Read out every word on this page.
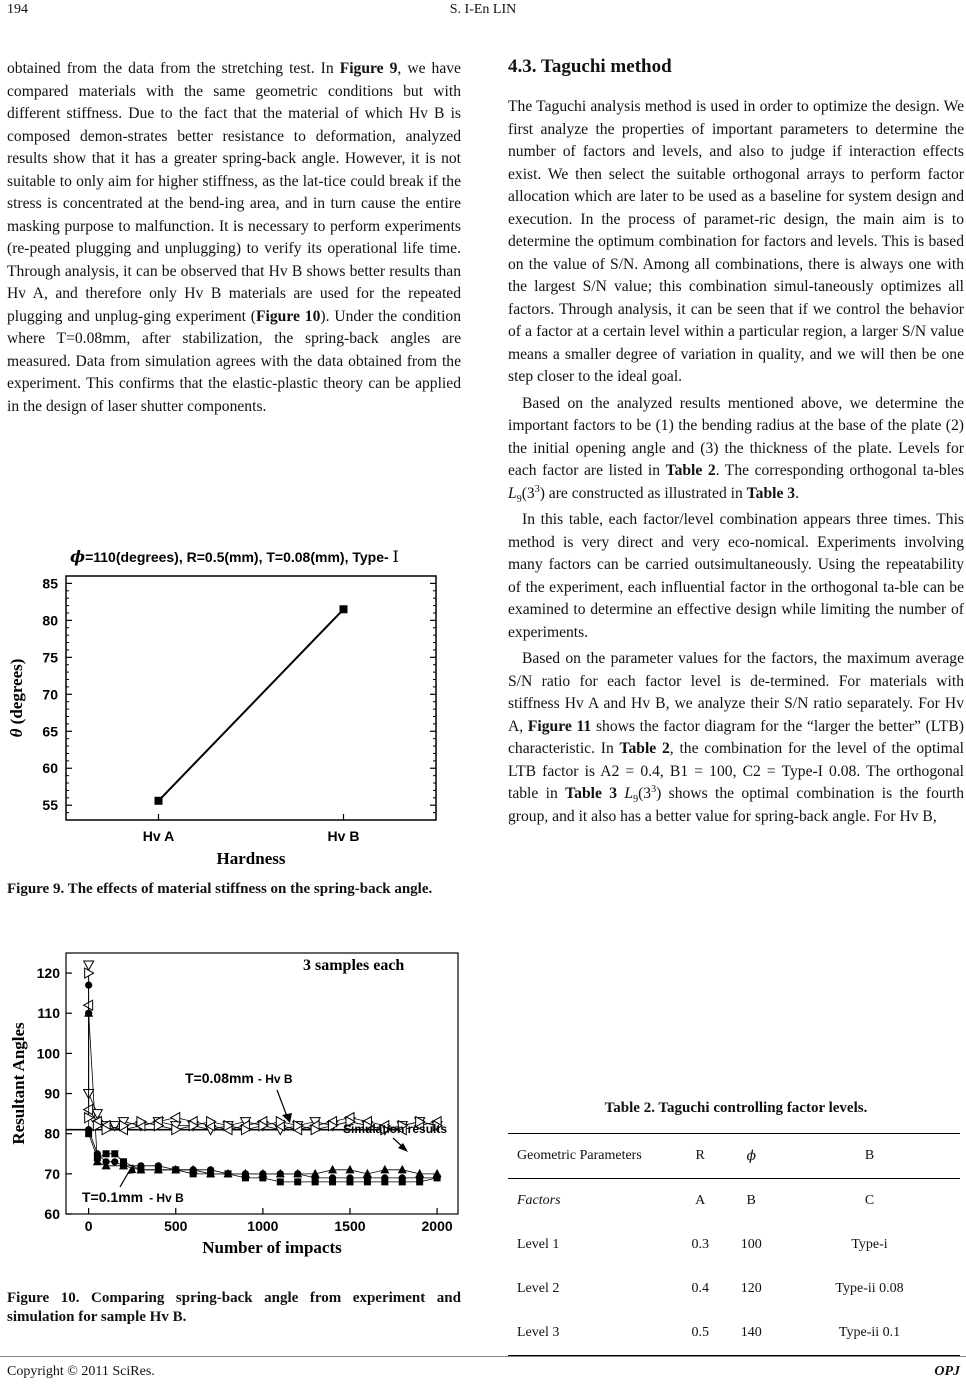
194	S. I-En LIN

obtained from the data from the stretching test. In Figure 9, we have compared materials with the same geometric conditions but with different stiffness. Due to the fact that the material of which Hv B is composed demon-strates better resistance to deformation, analyzed results show that it has a greater spring-back angle. However, it is not suitable to only aim for higher stiffness, as the lat-tice could break if the stress is concentrated at the bend-ing area, and in turn cause the entire masking purpose to malfunction. It is necessary to perform experiments (re-peated plugging and unplugging) to verify its operational life time. Through analysis, it can be observed that Hv B shows better results than Hv A, and therefore only Hv B materials are used for the repeated plugging and unplug-ging experiment (Figure 10). Under the condition where T=0.08mm, after stabilization, the spring-back angles are measured. Data from simulation agrees with the data obtained from the experiment. This confirms that the elastic-plastic theory can be applied in the design of laser shutter components.

55
60
65
70
75
80
85
Hv A	Hv B
ϕ=110(degrees), R=0.5(mm), T=0.08(mm), Type- I
Hardness
θ (degrees)
Figure 9. The effects of material stiffness on the spring-back angle.
60
70
80
90
100
110
120
0	500	1000	1500	2000
3 samples each
T=0.08mm - Hv B
T=0.1mm - Hv B
Simulation results
Number of impacts
Resultant Angles
Figure 10. Comparing spring-back angle from experiment and simulation for sample Hv B.
4.3. Taguchi method

The Taguchi analysis method is used in order to optimize the design. We first analyze the properties of important parameters to determine the number of factors and levels, and also to judge if interaction effects exist. We then select the suitable orthogonal arrays to perform factor allocation which are later to be used as a baseline for system design and execution. In the process of paramet-ric design, the main aim is to determine the optimum combination for factors and levels. This is based on the value of S/N. Among all combinations, there is always one with the largest S/N value; this combination simul-taneously optimizes all factors. Through analysis, it can be seen that if we control the behavior of a factor at a certain level within a particular region, a larger S/N value means a smaller degree of variation in quality, and we will then be one step closer to the ideal goal.

Based on the analyzed results mentioned above, we determine the important factors to be (1) the bending radius at the base of the plate (2) the initial opening angle and (3) the thickness of the plate. Levels for each factor are listed in Table 2. The corresponding orthogonal ta-bles $L_9(3^3)$ are constructed as illustrated in Table 3.

In this table, each factor/level combination appears three times. This method is very direct and very eco-nomical. Experiments involving many factors can be carried outsimultaneously. Using the repeatability of the experiment, each influential factor in the orthogonal ta-ble can be examined to determine an effective design while limiting the number of experiments.

Based on the parameter values for the factors, the maximum average S/N ratio for each factor level is de-termined. For materials with stiffness Hv A and Hv B, we analyze their S/N ratio separately. For Hv A, Figure 11 shows the factor diagram for the “larger the better” (LTB) characteristic. In Table 2, the combination for the level of the optimal LTB factor is A2 = 0.4, B1 = 100, C2 = Type-I 0.08. The orthogonal table in Table 3 $L_9(3^3)$ shows the optimal combination is the fourth group, and it also has a better value for spring-back angle. For Hv B,

Table 2. Taguchi controlling factor levels.
Geometric Parameters	R	ϕ	B
Factors	A	B	C
Level 1	0.3	100	Type-i
Level 2	0.4	120	Type-ii 0.08
Level 3	0.5	140	Type-ii 0.1
Copyright © 2011 SciRes.	OPJ
